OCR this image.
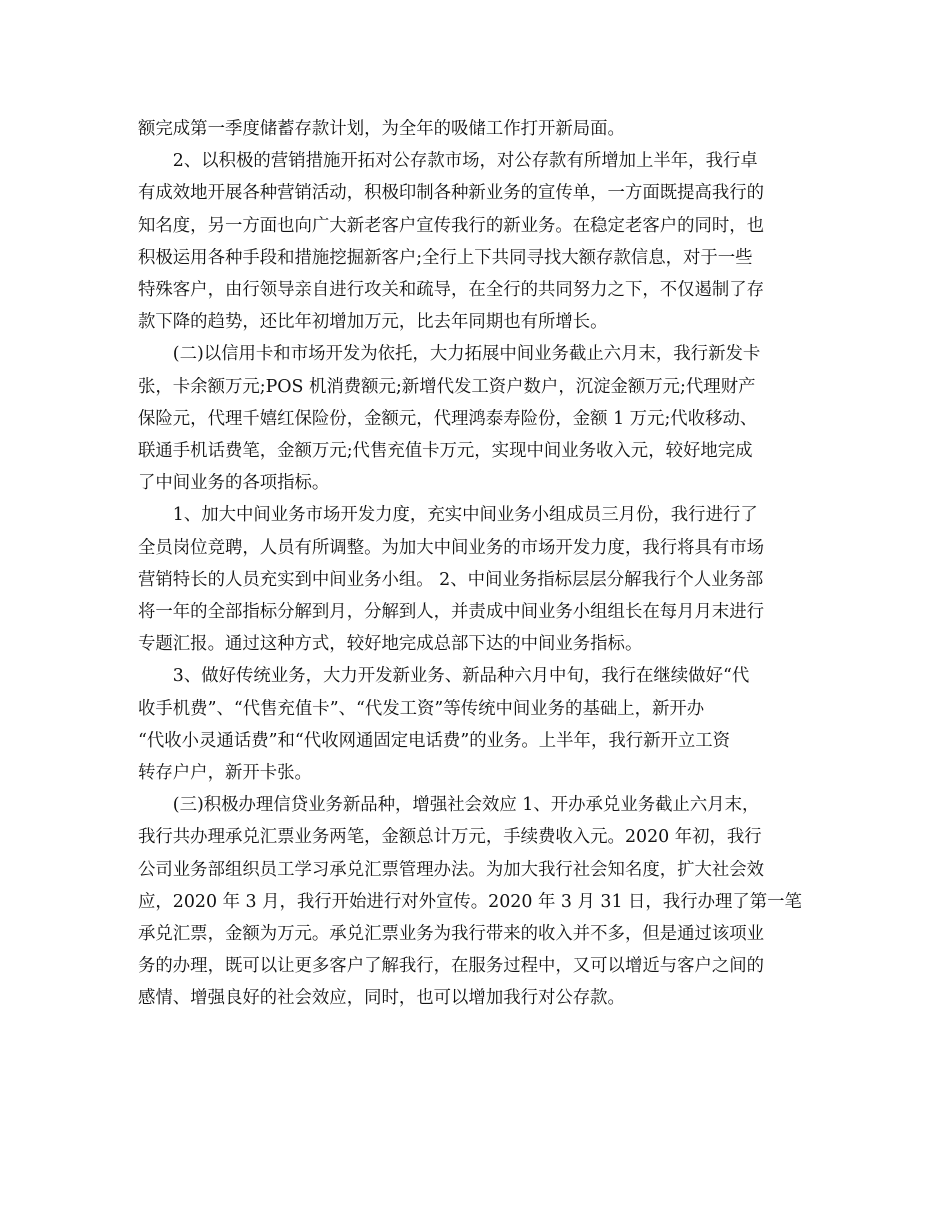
额完成第一季度储蓄存款计划，为全年的吸储工作打开新局面。

　　2、以积极的营销措施开拓对公存款市场，对公存款有所增加上半年，我行卓
有成效地开展各种营销活动，积极印制各种新业务的宣传单，一方面既提高我行的
知名度，另一方面也向广大新老客户宣传我行的新业务。在稳定老客户的同时，也
积极运用各种手段和措施挖掘新客户;全行上下共同寻找大额存款信息，对于一些
特殊客户，由行领导亲自进行攻关和疏导，在全行的共同努力之下，不仅遏制了存
款下降的趋势，还比年初增加万元，比去年同期也有所增长。

　　(二)以信用卡和市场开发为依托，大力拓展中间业务截止六月末，我行新发卡
张，卡余额万元;POS 机消费额元;新增代发工资户数户，沉淀金额万元;代理财产
保险元，代理千嬉红保险份，金额元，代理鸿泰寿险份，金额 1 万元;代收移动、
联通手机话费笔，金额万元;代售充值卡万元，实现中间业务收入元，较好地完成
了中间业务的各项指标。

　　1、加大中间业务市场开发力度，充实中间业务小组成员三月份，我行进行了
全员岗位竞聘，人员有所调整。为加大中间业务的市场开发力度，我行将具有市场
营销特长的人员充实到中间业务小组。 2、中间业务指标层层分解我行个人业务部
将一年的全部指标分解到月，分解到人，并责成中间业务小组组长在每月月末进行
专题汇报。通过这种方式，较好地完成总部下达的中间业务指标。

　　3、做好传统业务，大力开发新业务、新品种六月中旬，我行在继续做好“代
收手机费”、“代售充值卡”、“代发工资”等传统中间业务的基础上，新开办
“代收小灵通话费”和“代收网通固定电话费”的业务。上半年，我行新开立工资
转存户户，新开卡张。

　　(三)积极办理信贷业务新品种，增强社会效应 1、开办承兑业务截止六月末，
我行共办理承兑汇票业务两笔，金额总计万元，手续费收入元。2020 年初，我行
公司业务部组织员工学习承兑汇票管理办法。为加大我行社会知名度，扩大社会效
应，2020 年 3 月，我行开始进行对外宣传。2020 年 3 月 31 日，我行办理了第一笔
承兑汇票，金额为万元。承兑汇票业务为我行带来的收入并不多，但是通过该项业
务的办理，既可以让更多客户了解我行，在服务过程中，又可以增近与客户之间的
感情、增强良好的社会效应，同时，也可以增加我行对公存款。
